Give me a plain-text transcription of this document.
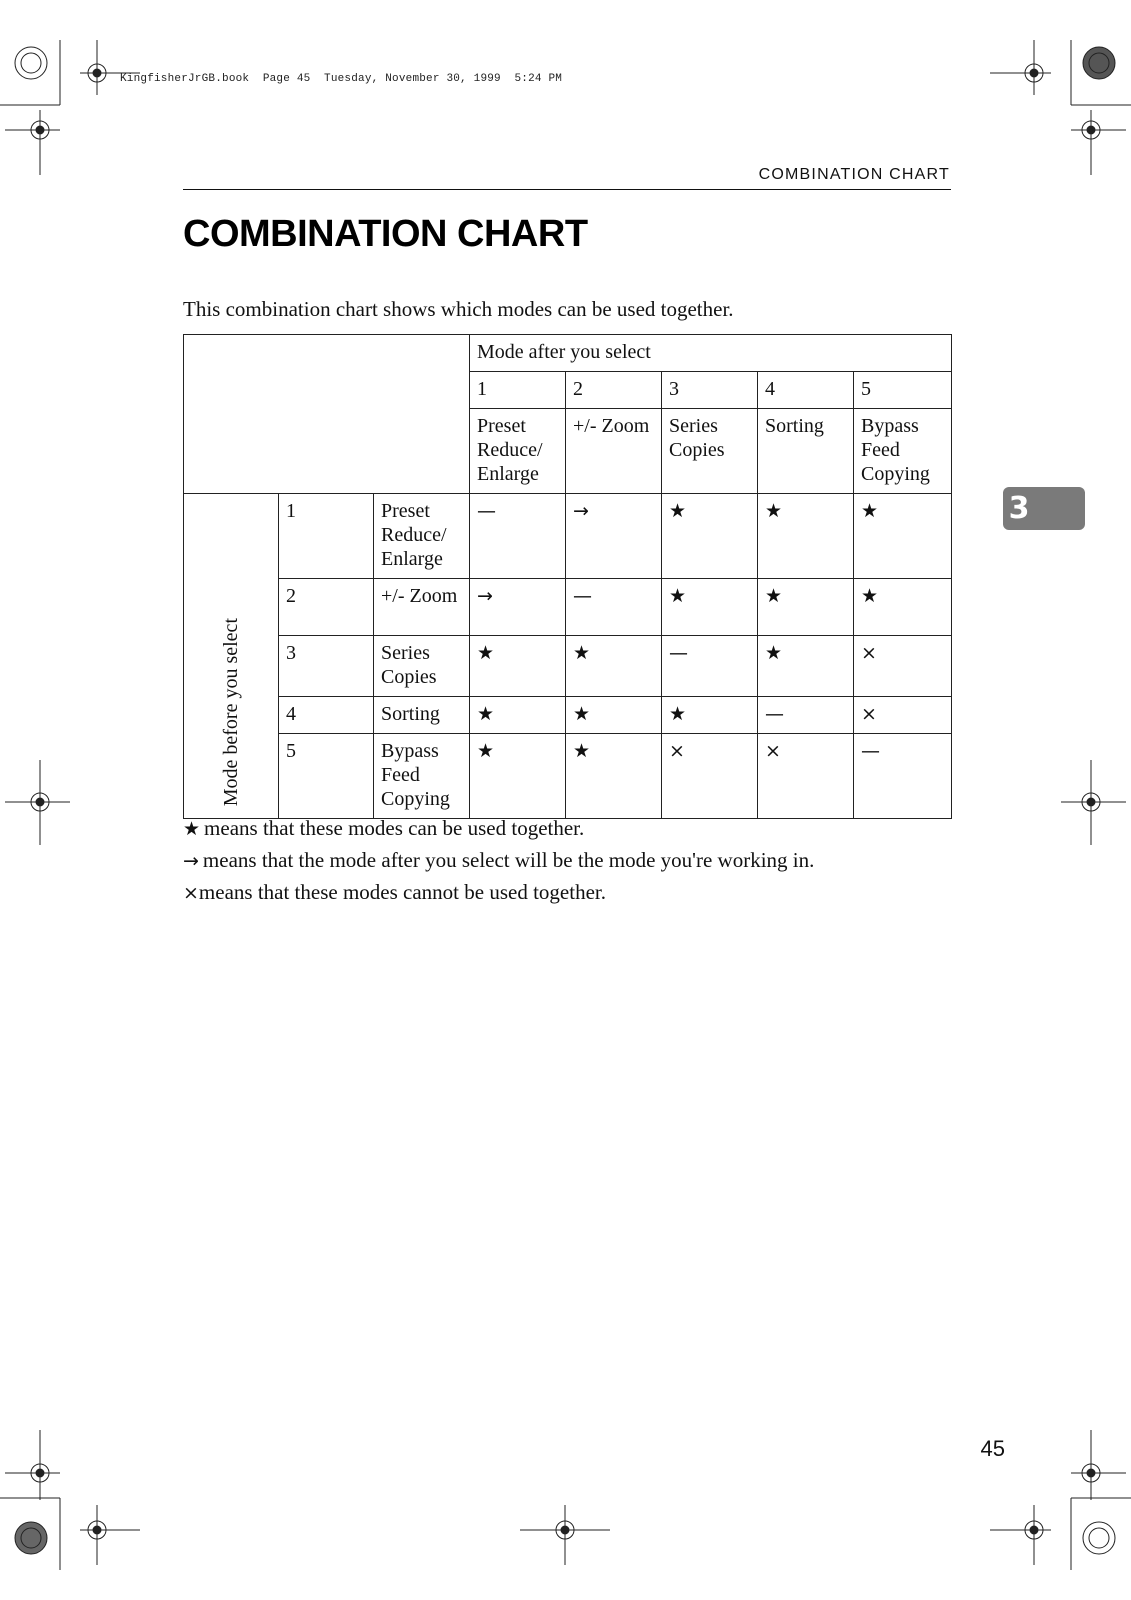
KingfisherJrGB.book  Page 45  Tuesday, November 30, 1999  5:24 PM
COMBINATION CHART
COMBINATION CHART

This combination chart shows which modes can be used together.

			Mode after you select				
			1	2	3	4	5
			Preset Reduce/ Enlarge	+/- Zoom	Series Copies	Sorting	Bypass Feed Copying
Mode before you select	1	Preset Reduce/ Enlarge	—	→	★	★	★
	2	+/- Zoom	→	—	★	★	★
	3	Series Copies	★	★	—	★	×
	4	Sorting	★	★	★	—	×
	5	Bypass Feed Copying	★	★	×	×	—

★ means that these modes can be used together.

→ means that the mode after you select will be the mode you're working in.

×means that these modes cannot be used together.

3
45
